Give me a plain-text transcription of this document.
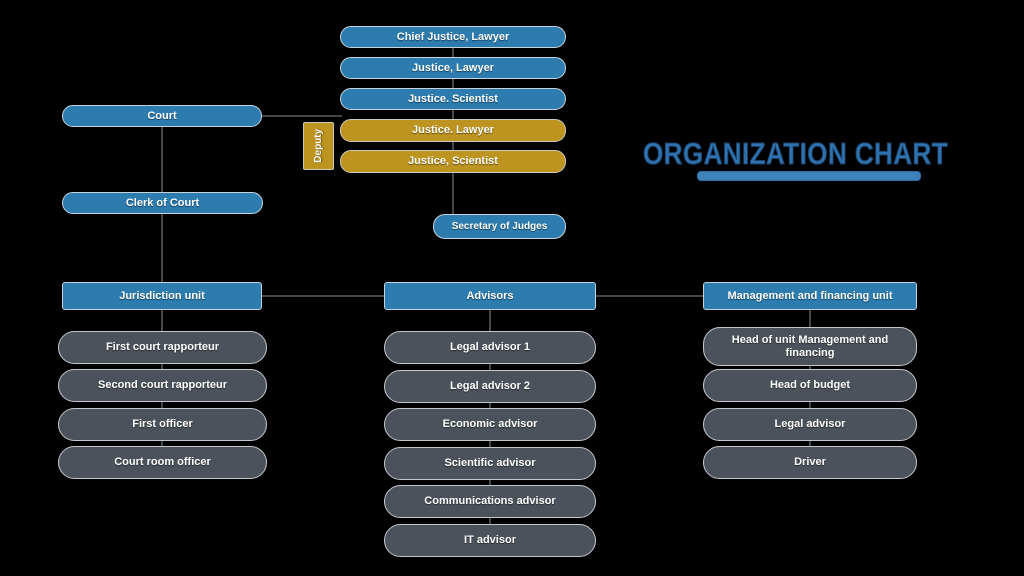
Chief Justice, Lawyer
Justice, Lawyer
Justice. Scientist
Justice. Lawyer
Justice, Scientist
Court
Deputy
Clerk of Court
Secretary of Judges
ORGANIZATION CHART
Jurisdiction unit
First court rapporteur
Second court rapporteur
First officer
Court room officer
Advisors
Legal advisor 1
Legal advisor 2
Economic advisor
Scientific advisor
Communications advisor
IT advisor
Management and financing unit
Head of unit Management and financing
Head of budget
Legal advisor
Driver
